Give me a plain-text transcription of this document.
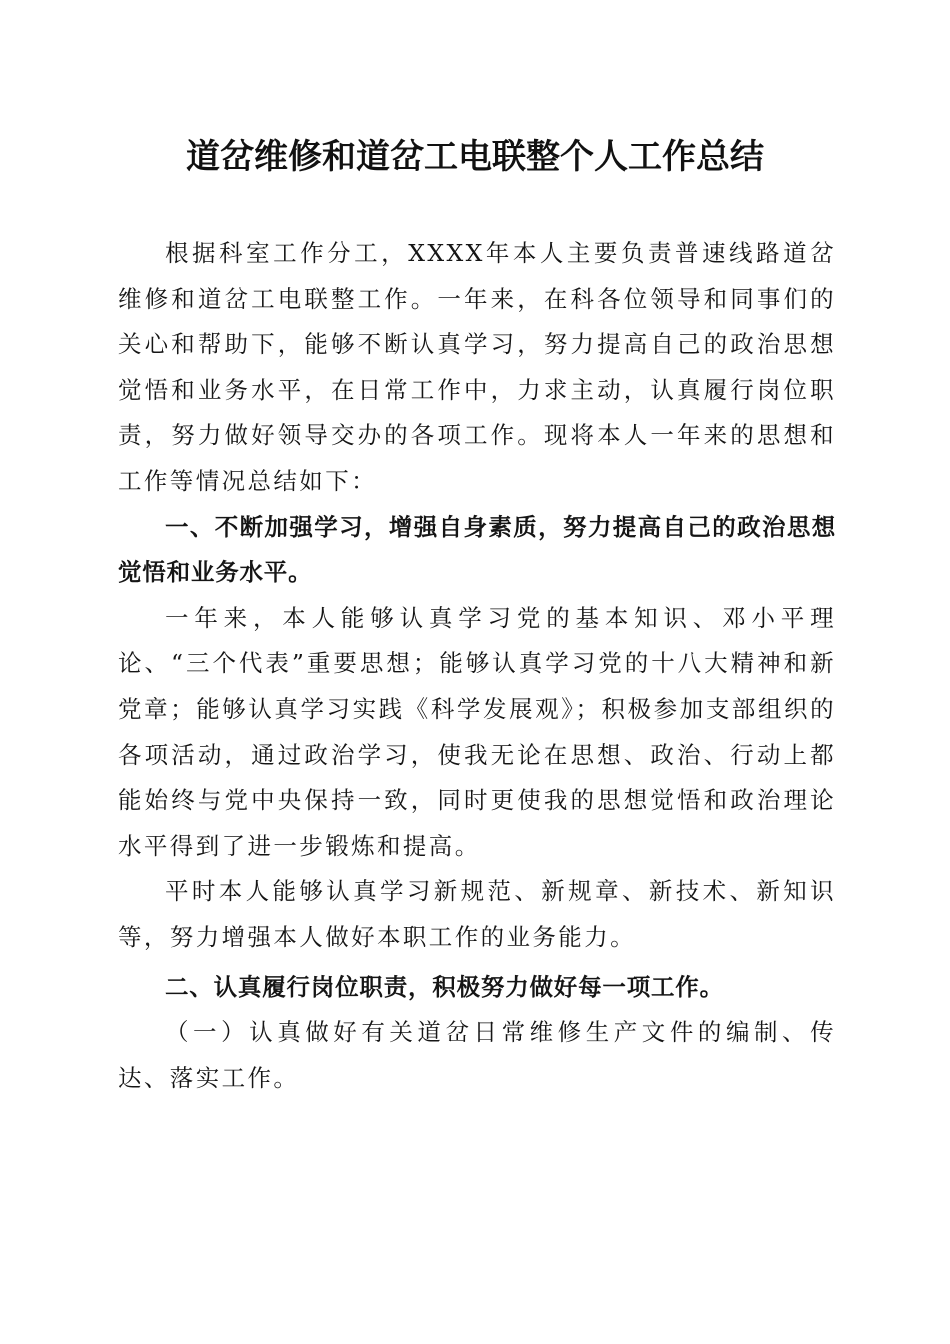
道岔维修和道岔工电联整个人工作总结

根据科室工作分工，XXXX年本人主要负责普速线路道岔维修和道岔工电联整工作。一年来，在科各位领导和同事们的关心和帮助下，能够不断认真学习，努力提高自己的政治思想觉悟和业务水平，在日常工作中，力求主动，认真履行岗位职责，努力做好领导交办的各项工作。现将本人一年来的思想和工作等情况总结如下：

一、不断加强学习，增强自身素质，努力提高自己的政治思想觉悟和业务水平。

一年来，本人能够认真学习党的基本知识、邓小平理论、“三个代表”重要思想；能够认真学习党的十八大精神和新党章；能够认真学习实践《科学发展观》；积极参加支部组织的各项活动，通过政治学习，使我无论在思想、政治、行动上都能始终与党中央保持一致，同时更使我的思想觉悟和政治理论水平得到了进一步锻炼和提高。

平时本人能够认真学习新规范、新规章、新技术、新知识等，努力增强本人做好本职工作的业务能力。

二、认真履行岗位职责，积极努力做好每一项工作。

（一）认真做好有关道岔日常维修生产文件的编制、传达、落实工作。
